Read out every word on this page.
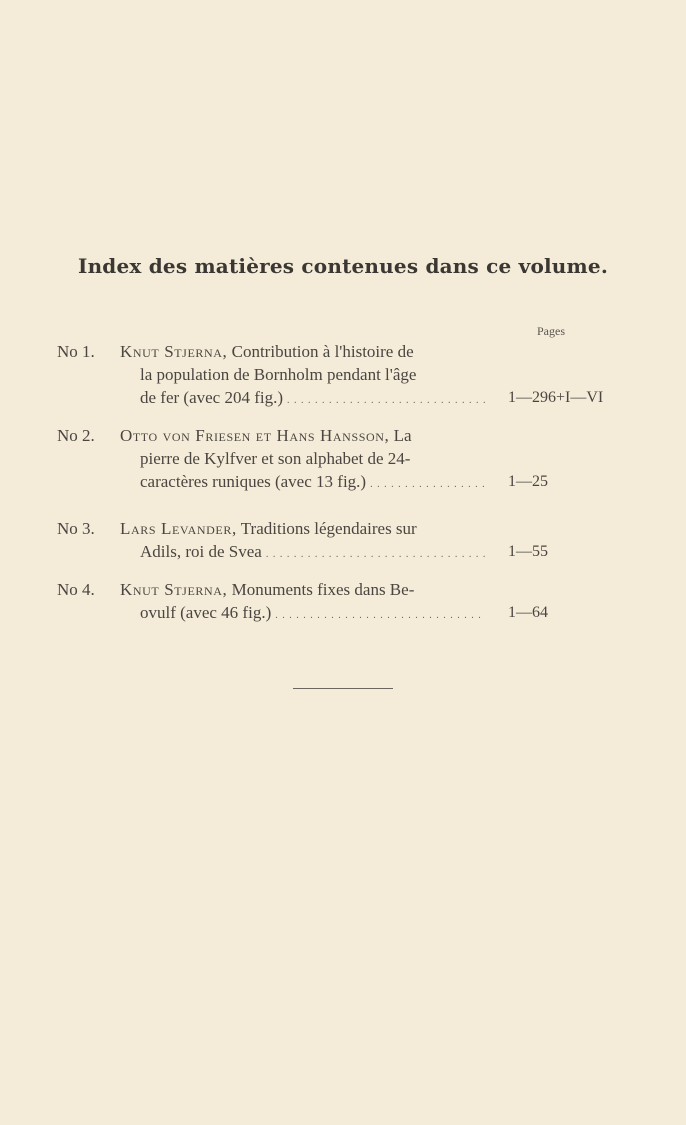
Index des matières contenues dans ce volume.
Pages
No 1. Knut Stjerna, Contribution à l'histoire de
la population de Bornholm pendant l'âge
de fer (avec 204 fig.) . . .	1—296+I—VI
No 2. Otto von Friesen et Hans Hansson, La
pierre de Kylfver et son alphabet de 24-
caractères runiques (avec 13 fig.) . . .	1—25
No 3. Lars Levander, Traditions légendaires sur
Adils, roi de Svea . . .	1—55
No 4. Knut Stjerna, Monuments fixes dans Be-
ovulf (avec 46 fig.) . . .	1—64
